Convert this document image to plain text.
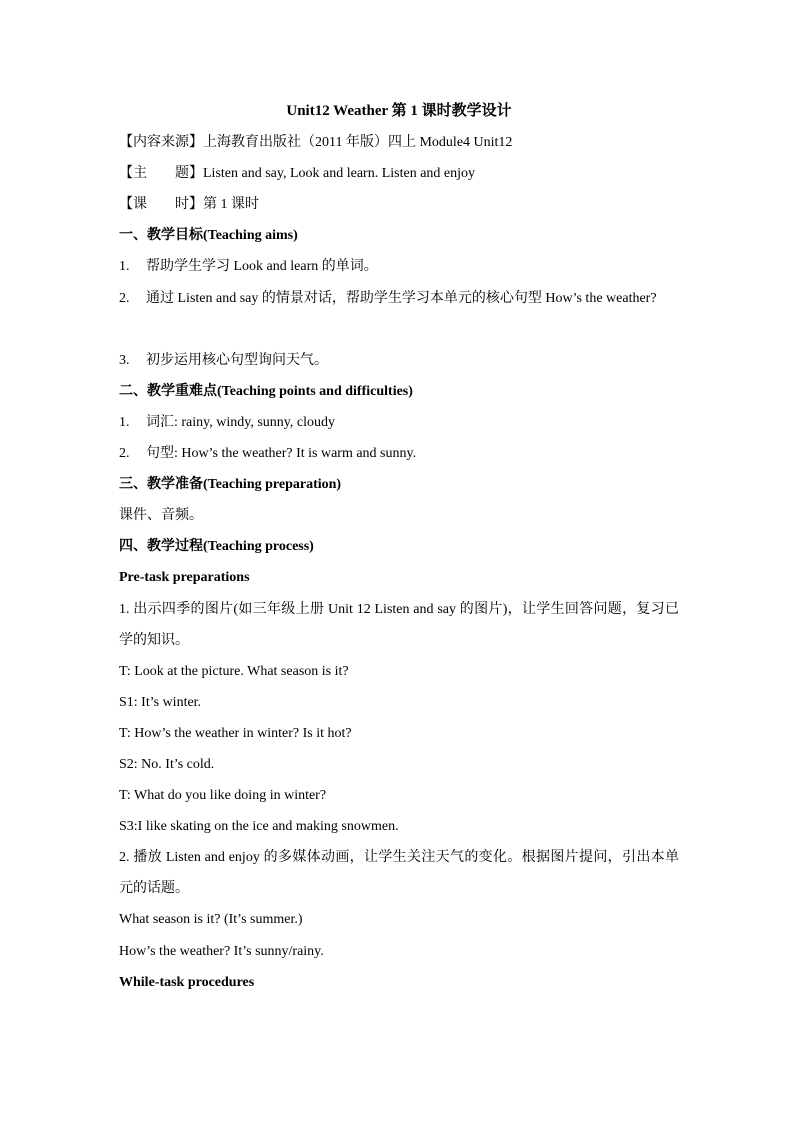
Unit12 Weather 第 1 课时教学设计
【内容来源】上海教育出版社（2011 年版）四上 Module4 Unit12
【主　　题】Listen and say, Look and learn. Listen and enjoy
【课　　时】第 1 课时
一、教学目标(Teaching aims)
1. 帮助学生学习 Look and learn 的单词。
2. 通过 Listen and say 的情景对话，帮助学生学习本单元的核心句型 How’s the weather?
3. 初步运用核心句型询问天气。
二、教学重难点(Teaching points and difficulties)
1. 词汇: rainy, windy, sunny, cloudy
2. 句型: How’s the weather? It is warm and sunny.
三、教学准备(Teaching preparation)
课件、音频。
四、教学过程(Teaching process)
Pre-task preparations
1. 出示四季的图片(如三年级上册 Unit 12 Listen and say 的图片)，让学生回答问题，复习已学的知识。
T: Look at the picture. What season is it?
S1: It’s winter.
T: How’s the weather in winter? Is it hot?
S2: No. It’s cold.
T: What do you like doing in winter?
S3:I like skating on the ice and making snowmen.
2. 播放 Listen and enjoy 的多媒体动画，让学生关注天气的变化。根据图片提问，引出本单元的话题。
What season is it? (It’s summer.)
How’s the weather? It’s sunny/rainy.
While-task procedures
